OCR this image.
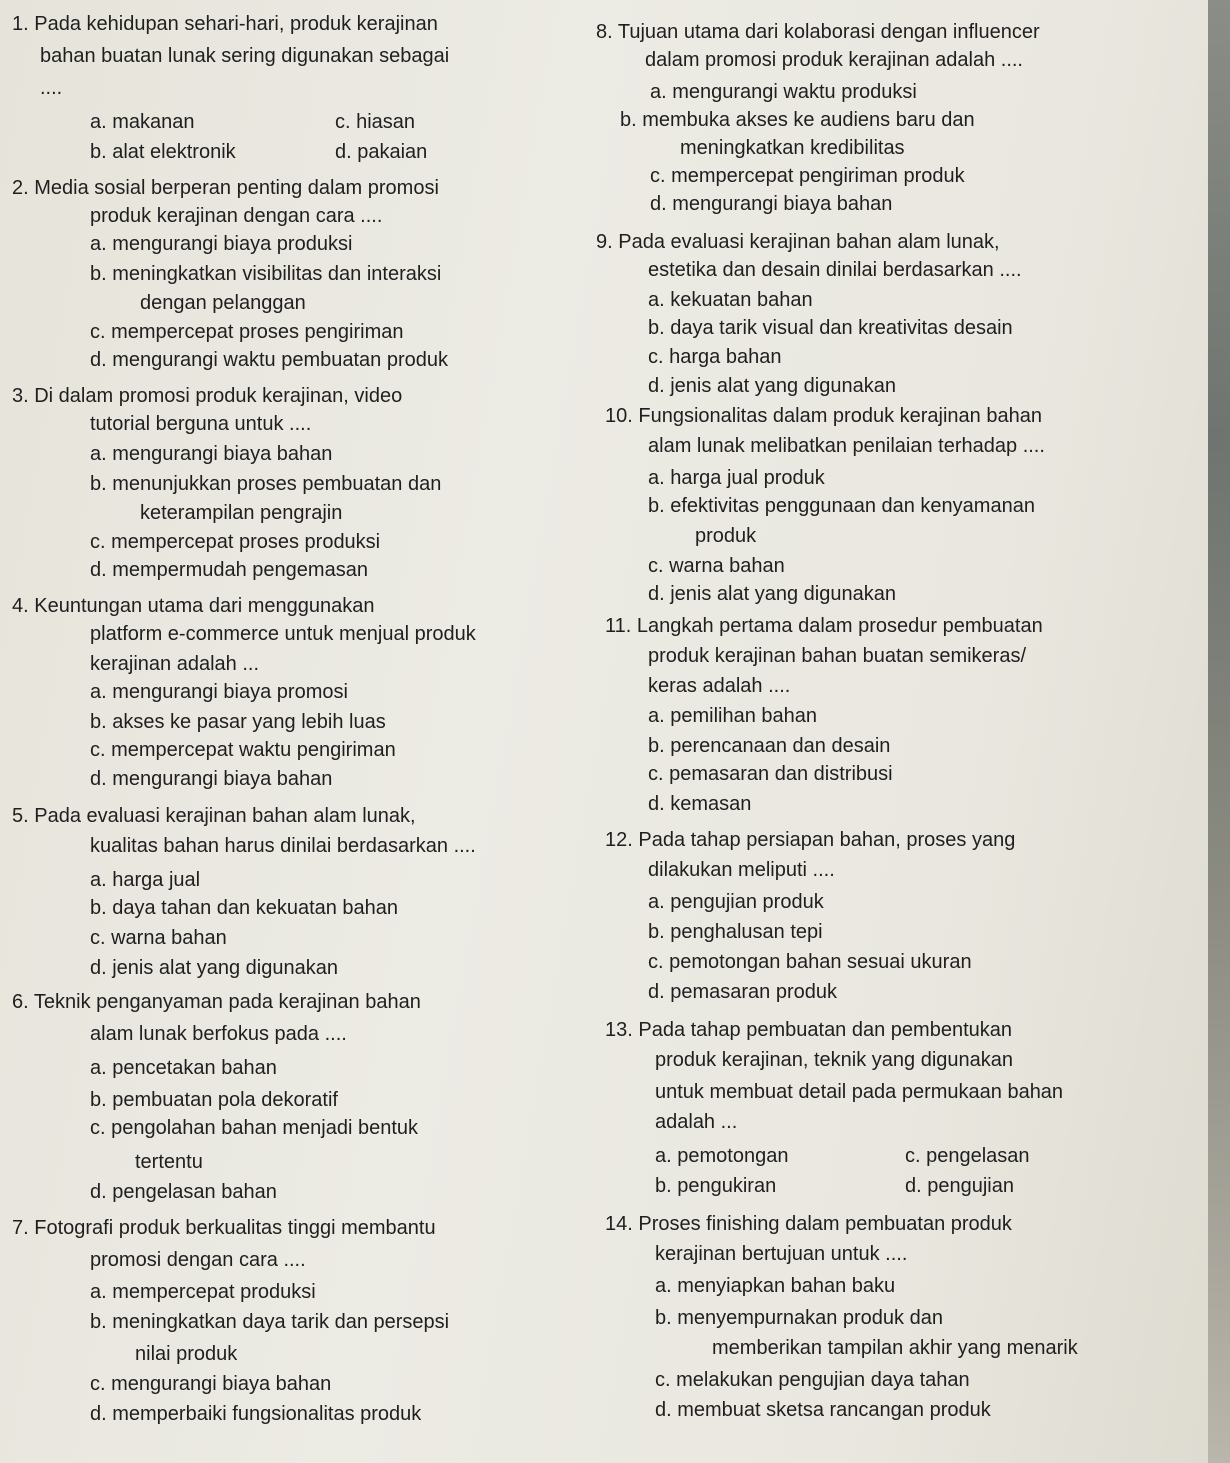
1. Pada kehidupan sehari-hari, produk kerajinan
bahan buatan lunak sering digunakan sebagai
....
a. makanan	c. hiasan
b. alat elektronik	d. pakaian
2. Media sosial berperan penting dalam promosi
produk kerajinan dengan cara ....
a. mengurangi biaya produksi
b. meningkatkan visibilitas dan interaksi
dengan pelanggan
c. mempercepat proses pengiriman
d. mengurangi waktu pembuatan produk
3. Di dalam promosi produk kerajinan, video
tutorial berguna untuk ....
a. mengurangi biaya bahan
b. menunjukkan proses pembuatan dan
keterampilan pengrajin
c. mempercepat proses produksi
d. mempermudah pengemasan
4. Keuntungan utama dari menggunakan
platform e-commerce untuk menjual produk
kerajinan adalah ...
a. mengurangi biaya promosi
b. akses ke pasar yang lebih luas
c. mempercepat waktu pengiriman
d. mengurangi biaya bahan
5. Pada evaluasi kerajinan bahan alam lunak,
kualitas bahan harus dinilai berdasarkan ....
a. harga jual
b. daya tahan dan kekuatan bahan
c. warna bahan
d. jenis alat yang digunakan
6. Teknik penganyaman pada kerajinan bahan
alam lunak berfokus pada ....
a. pencetakan bahan
b. pembuatan pola dekoratif
c. pengolahan bahan menjadi bentuk
tertentu
d. pengelasan bahan
7. Fotografi produk berkualitas tinggi membantu
promosi dengan cara ....
a. mempercepat produksi
b. meningkatkan daya tarik dan persepsi
nilai produk
c. mengurangi biaya bahan
d. memperbaiki fungsionalitas produk
8. Tujuan utama dari kolaborasi dengan influencer
dalam promosi produk kerajinan adalah ....
a. mengurangi waktu produksi
b. membuka akses ke audiens baru dan
meningkatkan kredibilitas
c. mempercepat pengiriman produk
d. mengurangi biaya bahan
9. Pada evaluasi kerajinan bahan alam lunak,
estetika dan desain dinilai berdasarkan ....
a. kekuatan bahan
b. daya tarik visual dan kreativitas desain
c. harga bahan
d. jenis alat yang digunakan
10. Fungsionalitas dalam produk kerajinan bahan
alam lunak melibatkan penilaian terhadap ....
a. harga jual produk
b. efektivitas penggunaan dan kenyamanan
produk
c. warna bahan
d. jenis alat yang digunakan
11. Langkah pertama dalam prosedur pembuatan
produk kerajinan bahan buatan semikeras/
keras adalah ....
a. pemilihan bahan
b. perencanaan dan desain
c. pemasaran dan distribusi
d. kemasan
12. Pada tahap persiapan bahan, proses yang
dilakukan meliputi ....
a. pengujian produk
b. penghalusan tepi
c. pemotongan bahan sesuai ukuran
d. pemasaran produk
13. Pada tahap pembuatan dan pembentukan
produk kerajinan, teknik yang digunakan
untuk membuat detail pada permukaan bahan
adalah ...
a. pemotongan	c. pengelasan
b. pengukiran	d. pengujian
14. Proses finishing dalam pembuatan produk
kerajinan bertujuan untuk ....
a. menyiapkan bahan baku
b. menyempurnakan produk dan
memberikan tampilan akhir yang menarik
c. melakukan pengujian daya tahan
d. membuat sketsa rancangan produk
